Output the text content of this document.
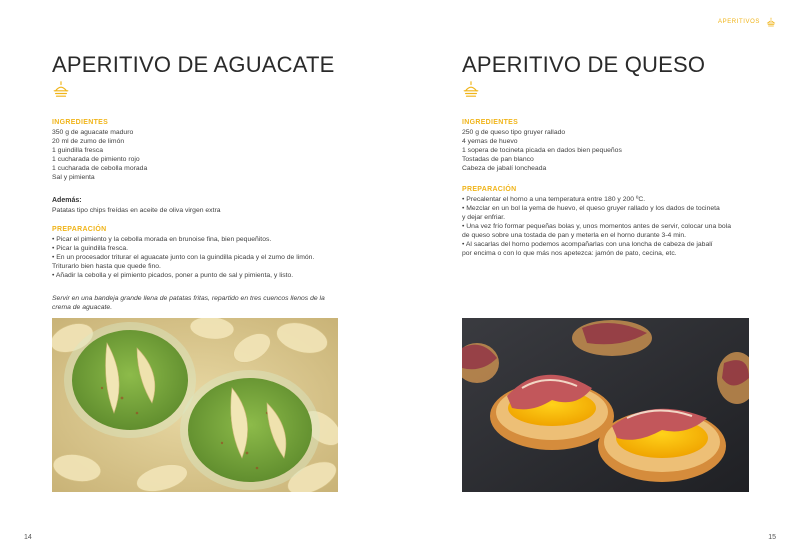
APERITIVO DE AGUACATE
INGREDIENTES
350 g de aguacate maduro
20 ml de zumo de limón
1 guindilla fresca
1 cucharada de pimiento rojo
1 cucharada de cebolla morada
Sal y pimienta
Además:
Patatas tipo chips freídas en aceite de oliva virgen extra
PREPARACIÓN
• Picar el pimiento y la cebolla morada en brunoise fina, bien pequeñitos.
• Picar la guindilla fresca.
• En un procesador triturar el aguacate junto con la guindilla picada y el zumo de limón.
Triturarlo bien hasta que quede fino.
• Añadir la cebolla y el pimiento picados, poner a punto de sal y pimienta, y listo.
Servir en una bandeja grande llena de patatas fritas, repartido en tres cuencos llenos de la crema de aguacate.
14
APERITIVOS
APERITIVO DE QUESO
INGREDIENTES
250 g de queso tipo gruyer rallado
4 yemas de huevo
1 sopera de tocineta picada en dados bien pequeños
Tostadas de pan blanco
Cabeza de jabalí loncheada
PREPARACIÓN
• Precalentar el horno a una temperatura entre 180 y 200 ºC.
• Mezclar en un bol la yema de huevo, el queso gruyer rallado y los dados de tocineta
y dejar enfriar.
• Una vez frío formar pequeñas bolas y, unos momentos antes de servir, colocar una bola
de queso sobre una tostada de pan y meterla en el horno durante 3-4 min.
• Al sacarlas del horno podemos acompañarlas con una loncha de cabeza de jabalí
por encima o con lo que más nos apetezca: jamón de pato, cecina, etc.
15
